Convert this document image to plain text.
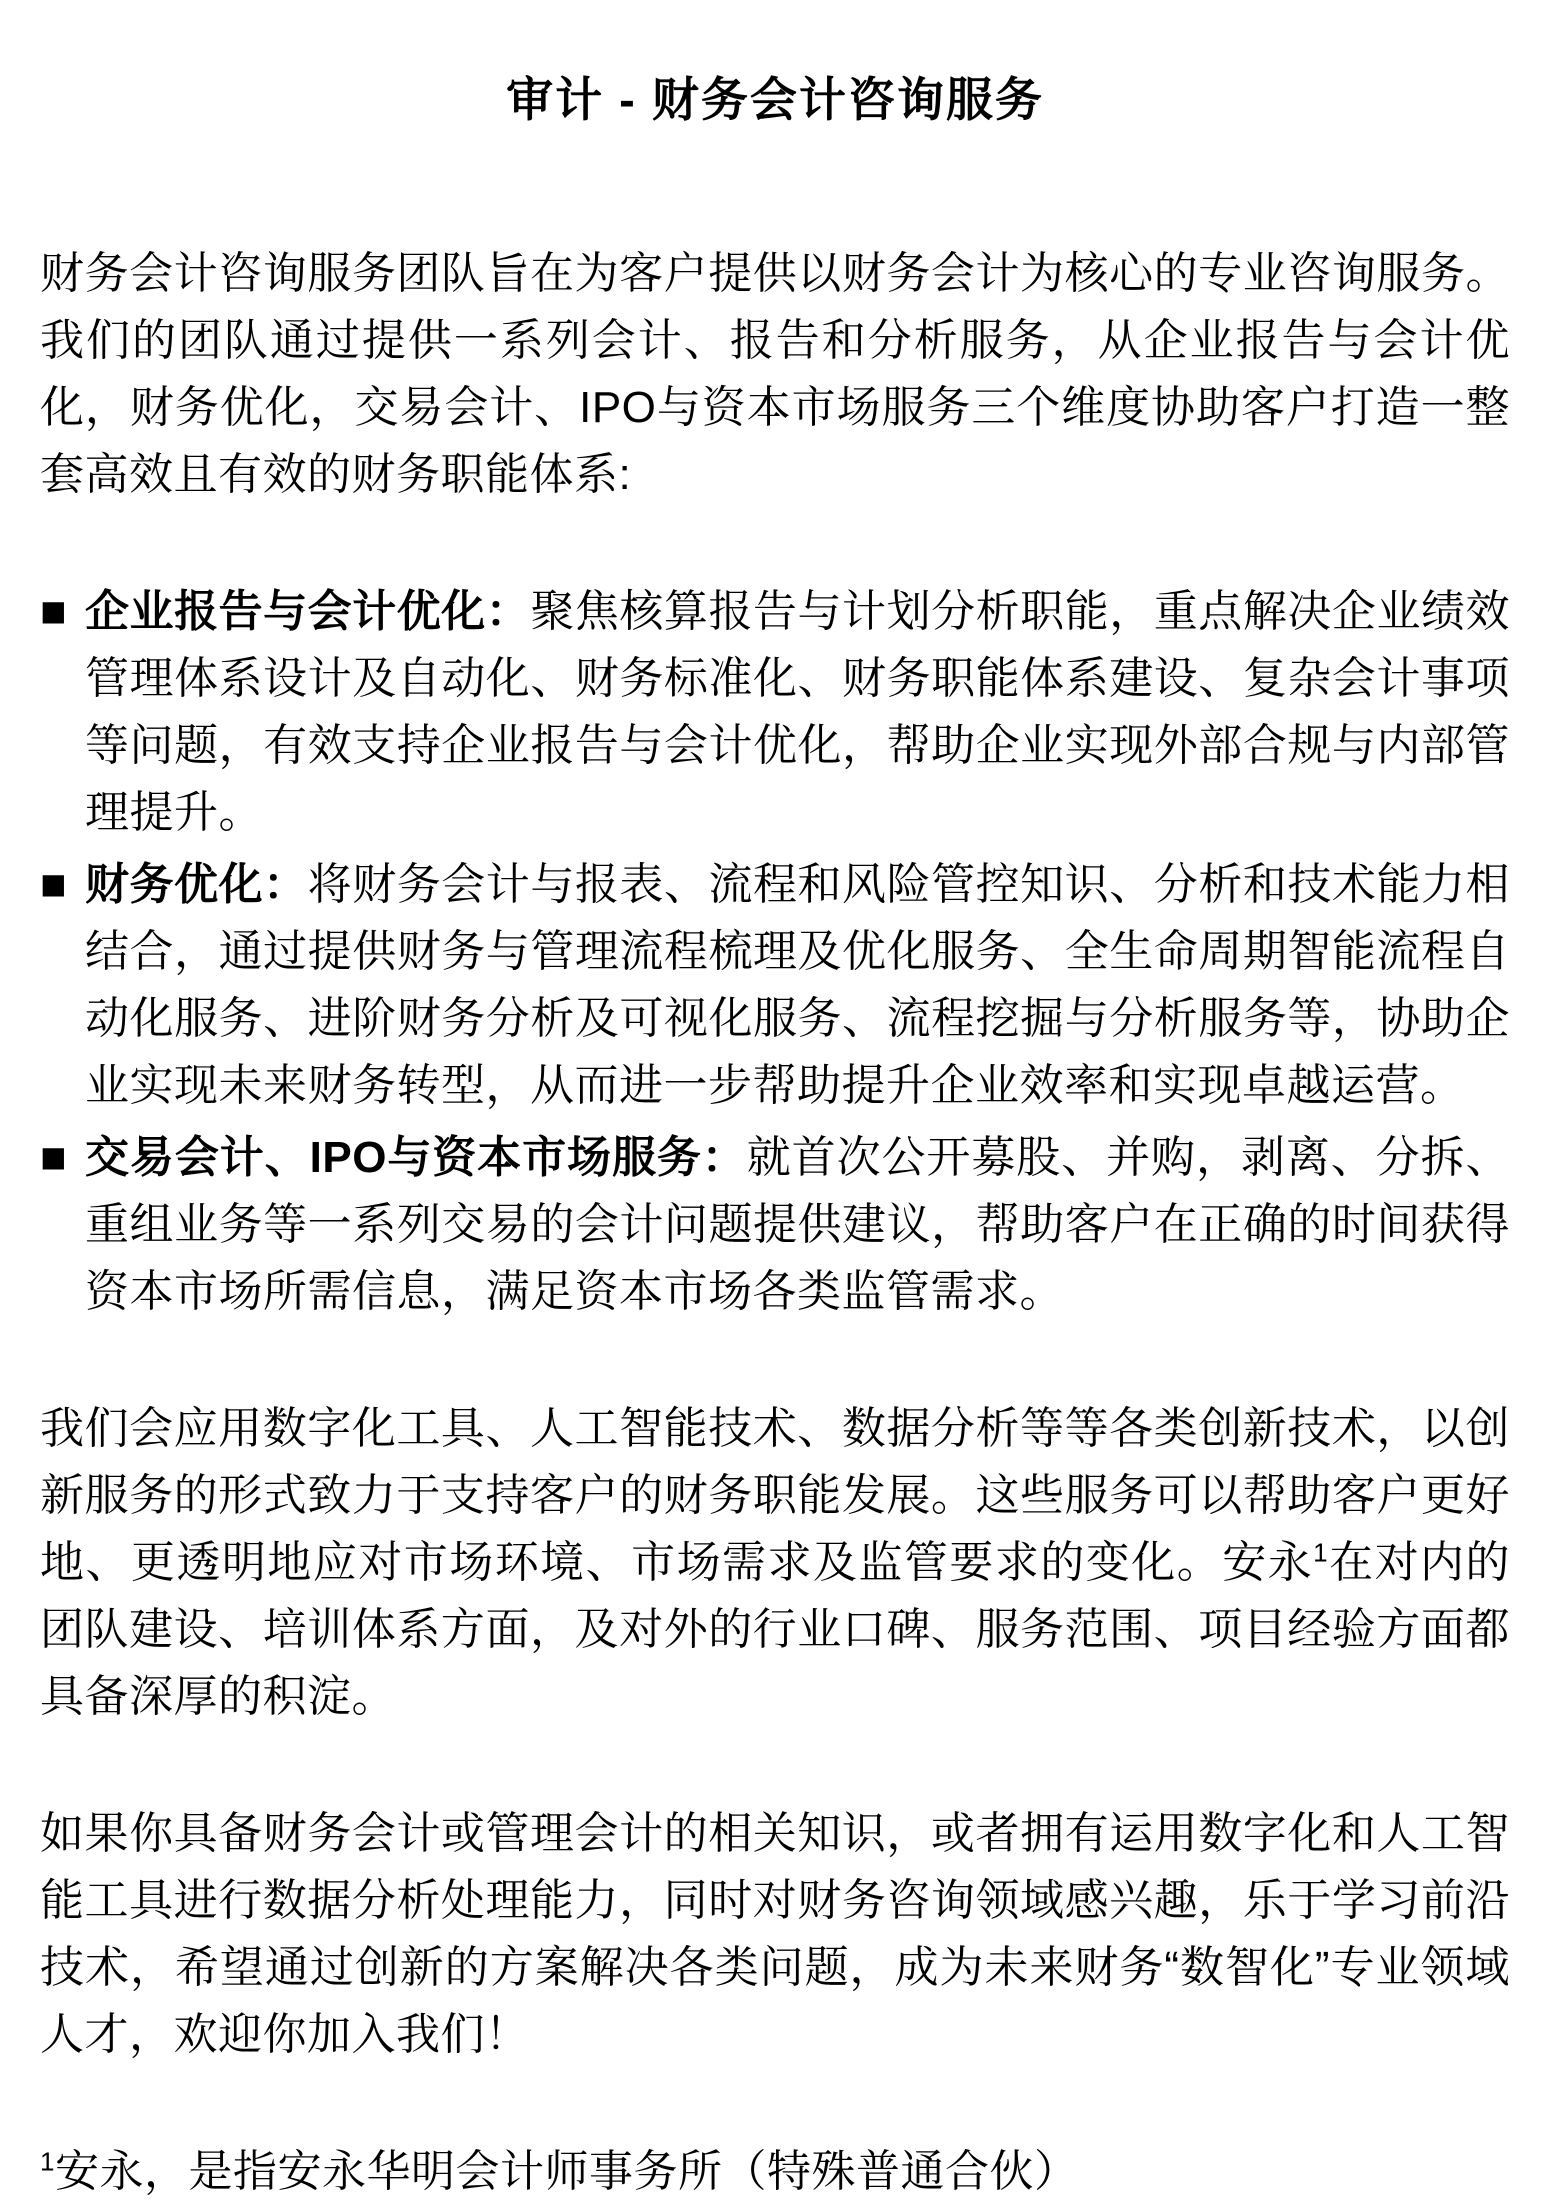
审计 - 财务会计咨询服务

财务会计咨询服务团队旨在为客户提供以财务会计为核心的专业咨询服务。我们的团队通过提供一系列会计、报告和分析服务，从企业报告与会计优化，财务优化，交易会计、IPO与资本市场服务三个维度协助客户打造一整套高效且有效的财务职能体系:

■ 企业报告与会计优化：聚焦核算报告与计划分析职能，重点解决企业绩效管理体系设计及自动化、财务标准化、财务职能体系建设、复杂会计事项等问题，有效支持企业报告与会计优化，帮助企业实现外部合规与内部管理提升。
■ 财务优化：将财务会计与报表、流程和风险管控知识、分析和技术能力相结合，通过提供财务与管理流程梳理及优化服务、全生命周期智能流程自动化服务、进阶财务分析及可视化服务、流程挖掘与分析服务等，协助企业实现未来财务转型，从而进一步帮助提升企业效率和实现卓越运营。
■ 交易会计、IPO与资本市场服务：就首次公开募股、并购，剥离、分拆、重组业务等一系列交易的会计问题提供建议，帮助客户在正确的时间获得资本市场所需信息，满足资本市场各类监管需求。

我们会应用数字化工具、人工智能技术、数据分析等等各类创新技术，以创新服务的形式致力于支持客户的财务职能发展。这些服务可以帮助客户更好地、更透明地应对市场环境、市场需求及监管要求的变化。安永$^1$在对内的团队建设、培训体系方面，及对外的行业口碑、服务范围、项目经验方面都具备深厚的积淀。

如果你具备财务会计或管理会计的相关知识，或者拥有运用数字化和人工智能工具进行数据分析处理能力，同时对财务咨询领域感兴趣，乐于学习前沿技术，希望通过创新的方案解决各类问题，成为未来财务“数智化”专业领域人才，欢迎你加入我们！

$^1$安永，是指安永华明会计师事务所（特殊普通合伙）
